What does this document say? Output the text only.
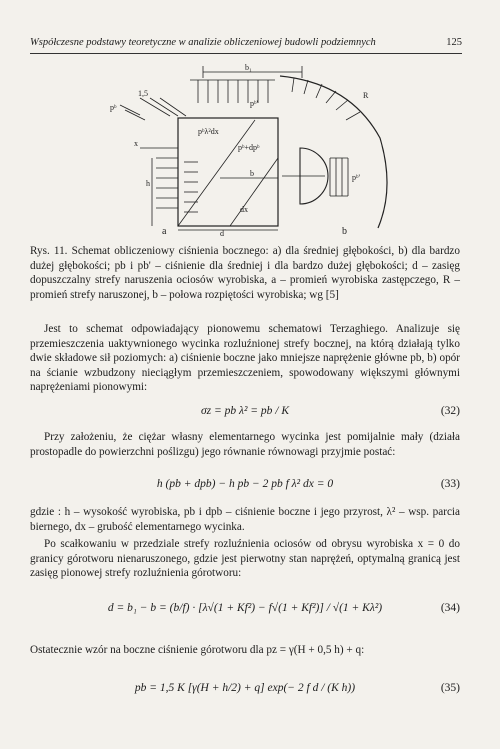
Współczesne podstawy teoretyczne w analizie obliczeniowej budowli podziemnych	125
b₁
R
1,5
pᵇ
pᵇλ²dx
pᵇ+dpᵇ
pᵇ'
x
h
b
dx
d
pᵇ'
a	b

Rys. 11. Schemat obliczeniowy ciśnienia bocznego: a) dla średniej głębokości, b) dla bardzo dużej głębokości; pb i pb' – ciśnienie dla średniej i dla bardzo dużej głębokości; d – zasięg dopuszczalny strefy naruszenia ociosów wyrobiska, a – promień wyrobiska zastępczego, R – promień strefy naruszonej, b – połowa rozpiętości wyrobiska; wg [5]

Jest to schemat odpowiadający pionowemu schematowi Terzaghiego. Analizuje się przemieszczenia uaktywnionego wycinka rozluźnionej strefy bocznej, na którą działają tylko dwie składowe sił poziomych: a) ciśnienie boczne jako mniejsze naprężenie główne pb, b) opór na ścianie wzbudzony nieciągłym przemieszczeniem, spowodowany większymi głównymi naprężeniami pionowymi:

σz = pb λ² = pb / K	(32)

Przy założeniu, że ciężar własny elementarnego wycinka jest pomijalnie mały (działa prostopadle do powierzchni poślizgu) jego równanie równowagi przyjmie postać:

h (pb + dpb) − h pb − 2 pb f λ² dx = 0	(33)

gdzie : h – wysokość wyrobiska, pb i dpb – ciśnienie boczne i jego przyrost, λ² – wsp. parcia biernego, dx – grubość elementarnego wycinka.

Po scałkowaniu w przedziale strefy rozluźnienia ociosów od obrysu wyrobiska x = 0 do granicy górotworu nienaruszonego, gdzie jest pierwotny stan naprężeń, optymalną granicą jest zasięg pionowej strefy rozluźnienia górotworu:

d = b₁ − b = (b/f) · [λ√(1 + Kf²) − f√(1 + Kf²)] / √(1 + Kλ²)	(34)

Ostatecznie wzór na boczne ciśnienie górotworu dla pz = γ(H + 0,5 h) + q:

pb = 1,5 K [γ(H + h/2) + q] exp(− 2 f d / (K h))	(35)
